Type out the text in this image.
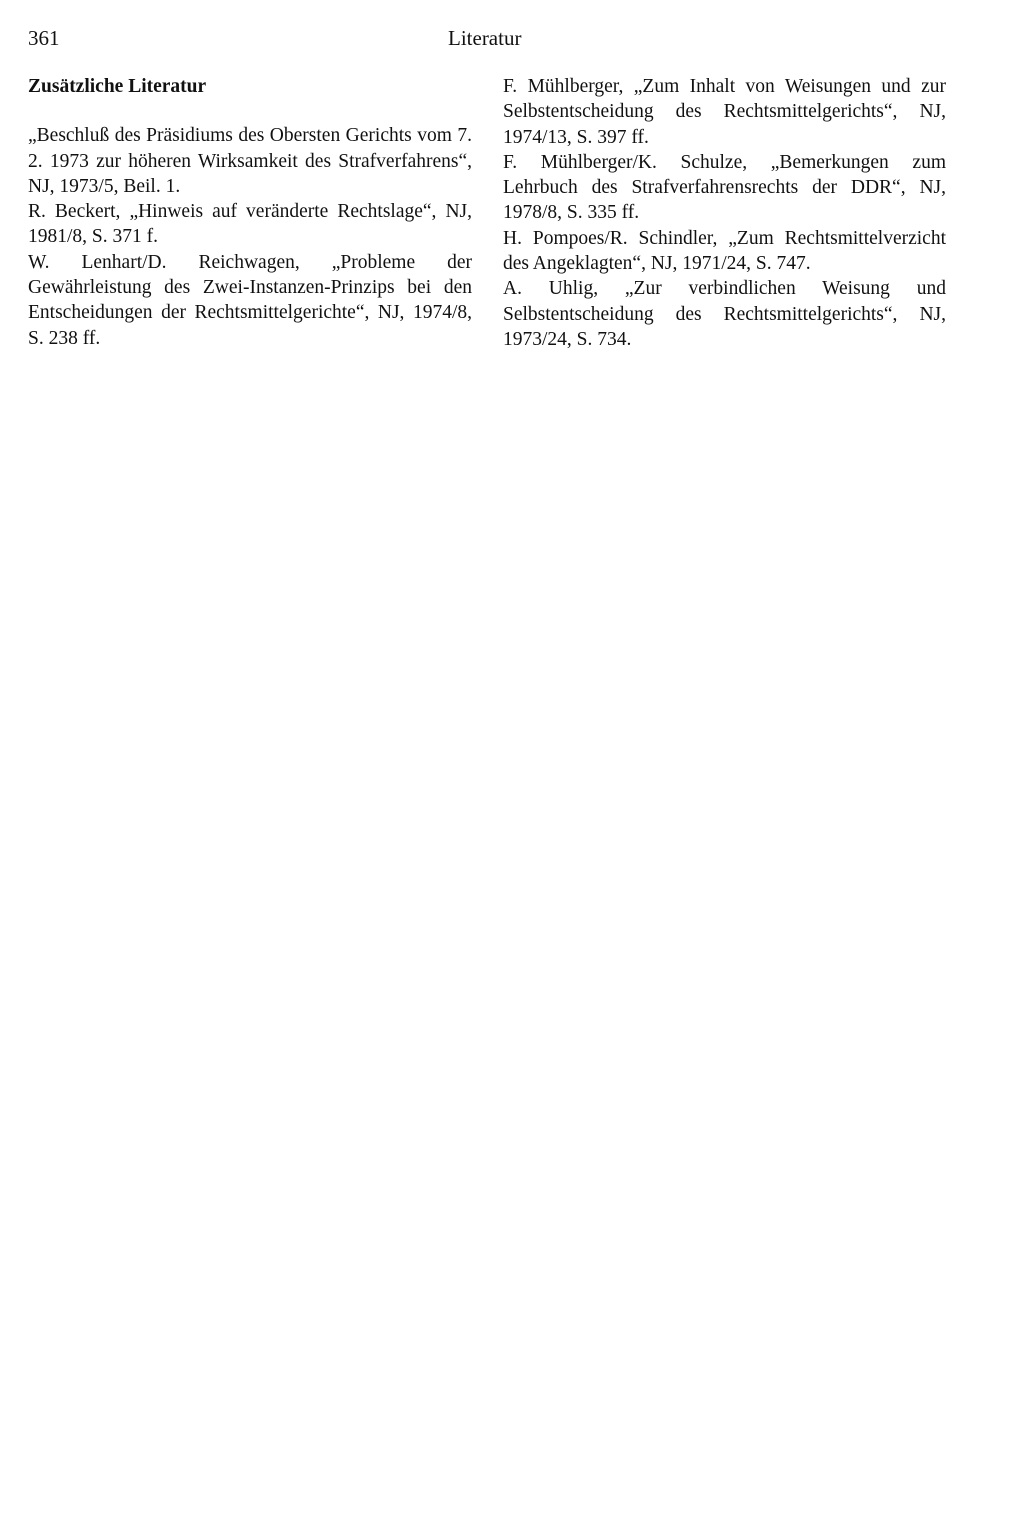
361	Literatur
Zusätzliche Literatur

„Beschluß des Präsidiums des Obersten Gerichts vom 7. 2. 1973 zur höheren Wirksamkeit des Strafverfahrens“, NJ, 1973/5, Beil. 1.

R. Beckert, „Hinweis auf veränderte Rechtslage“, NJ, 1981/8, S. 371 f.

W. Lenhart/D. Reichwagen, „Probleme der Gewährleistung des Zwei-Instanzen-Prinzips bei den Entscheidungen der Rechtsmittelgerichte“, NJ, 1974/8, S. 238 ff.

F. Mühlberger, „Zum Inhalt von Weisungen und zur Selbstentscheidung des Rechtsmittelgerichts“, NJ, 1974/13, S. 397 ff.

F. Mühlberger/K. Schulze, „Bemerkungen zum Lehrbuch des Strafverfahrensrechts der DDR“, NJ, 1978/8, S. 335 ff.

H. Pompoes/R. Schindler, „Zum Rechtsmittelverzicht des Angeklagten“, NJ, 1971/24, S. 747.

A. Uhlig, „Zur verbindlichen Weisung und Selbstentscheidung des Rechtsmittelgerichts“, NJ, 1973/24, S. 734.
